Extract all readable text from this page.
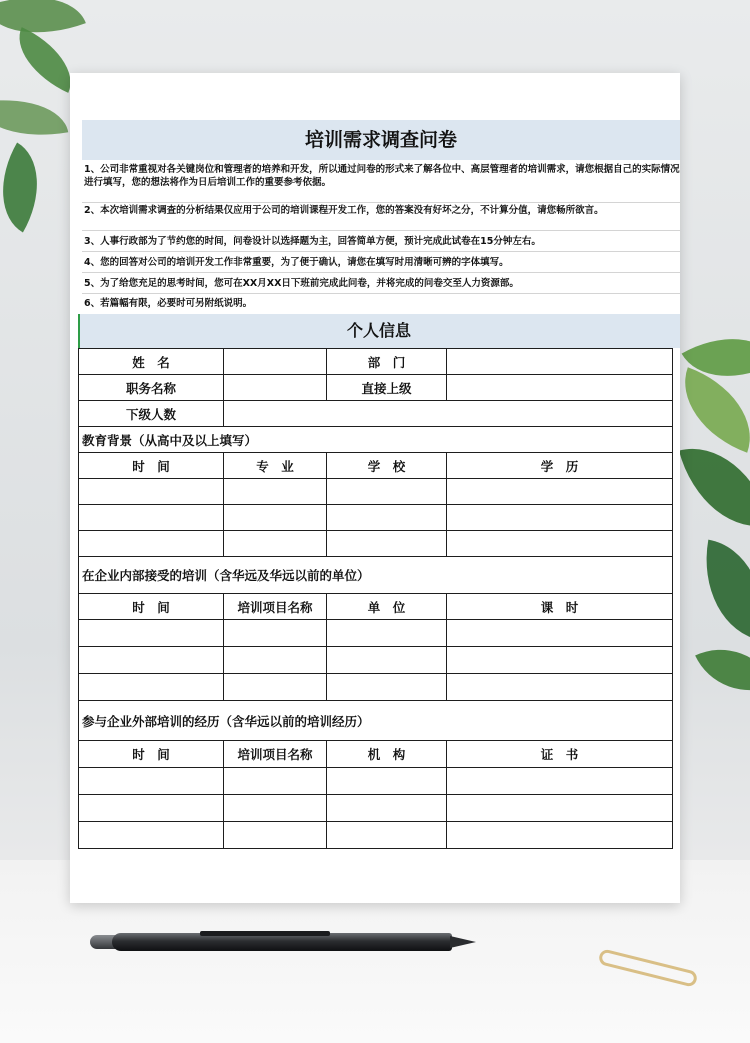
培训需求调查问卷
1、公司非常重视对各关键岗位和管理者的培养和开发，所以通过问卷的形式来了解各位中、高层管理者的培训需求，请您根据自己的实际情况进行填写，您的想法将作为日后培训工作的重要参考依据。
2、本次培训需求调查的分析结果仅应用于公司的培训课程开发工作，您的答案没有好坏之分，不计算分值，请您畅所欲言。
3、人事行政部为了节约您的时间，问卷设计以选择题为主，回答简单方便，预计完成此试卷在15分钟左右。
4、您的回答对公司的培训开发工作非常重要，为了便于确认，请您在填写时用清晰可辨的字体填写。
5、为了给您充足的思考时间，您可在XX月XX日下班前完成此问卷，并将完成的问卷交至人力资源部。
6、若篇幅有限，必要时可另附纸说明。
个人信息
姓　名		部　门	
职务名称		直接上级	
下级人数			
教育背景（从高中及以上填写）			
时　间	专　业	学　校	学　历

在企业内部接受的培训（含华远及华远以前的单位）			
时　间	培训项目名称	单　位	课　时

参与企业外部培训的经历（含华远以前的培训经历）			
时　间	培训项目名称	机　构	证　书
